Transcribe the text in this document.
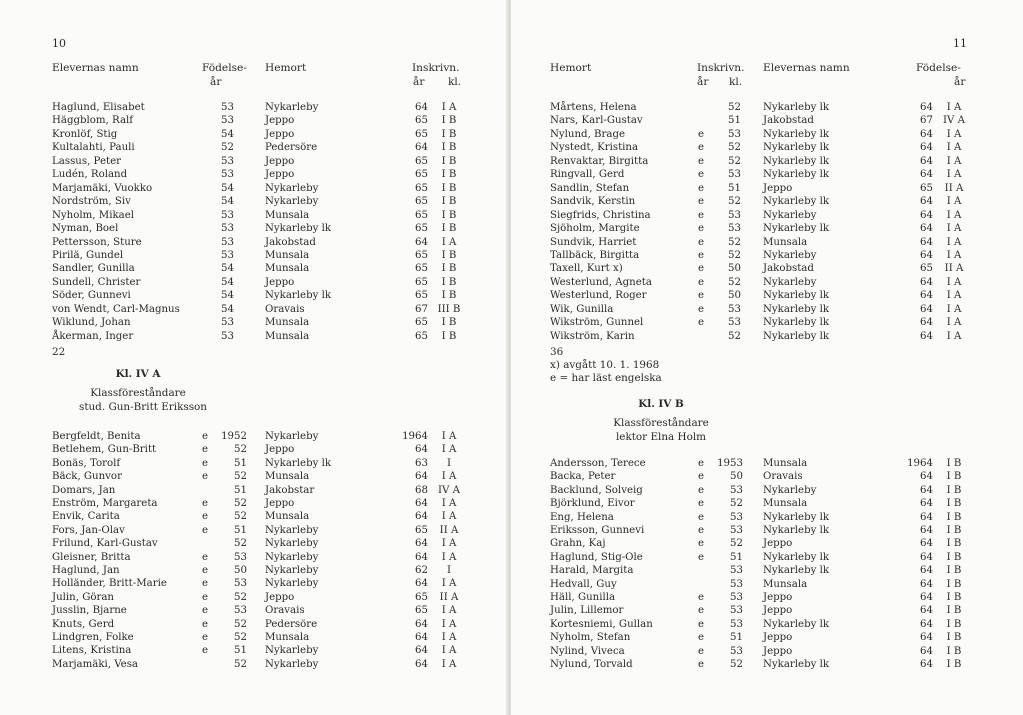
10
Elevernas namn	Födelse- Hemort	Inskrivn.
år	år kl.
Haglund, Elisabet	53	Nykarleby	64	I A
Häggblom, Ralf	53	Jeppo	65	I B
Kronlöf, Stig	54	Jeppo	65	I B
Kultalahti, Pauli	52	Pedersöre	64	I B
Lassus, Peter	53	Jeppo	65	I B
Ludén, Roland	53	Jeppo	65	I B
Marjamäki, Vuokko	54	Nykarleby	65	I B
Nordström, Siv	54	Nykarleby	65	I B
Nyholm, Mikael	53	Munsala	65	I B
Nyman, Boel	53	Nykarleby lk	65	I B
Pettersson, Sture	53	Jakobstad	64	I A
Pirilä, Gundel	53	Munsala	65	I B
Sandler, Gunilla	54	Munsala	65	I B
Sundell, Christer	54	Jeppo	65	I B
Söder, Gunnevi	54	Nykarleby lk	65	I B
von Wendt, Carl-Magnus	54	Oravais	67 III B
Wiklund, Johan	53	Munsala	65	I B
Åkerman, Inger	53	Munsala	65	I B
22
Kl. IV A
Klassföreståndare
stud. Gun-Britt Eriksson
Bergfeldt, Benita	e 1952 Nykarleby	1964	I A
Betlehem, Gun-Britt	e	52 Jeppo	64	I A
Bonäs, Torolf	e	51 Nykarleby lk	63	I
Bäck, Gunvor	e	52 Munsala	64	I A
Domars, Jan	51 Jakobstar	68 IV A
Enström, Margareta	e	52 Jeppo	64	I A
Envik, Carita	e	52 Munsala	64	I A
Fors, Jan-Olav	e	51 Nykarleby	65	II A
Frilund, Karl-Gustav	52 Nykarleby	64	I A
Gleisner, Britta	e	53 Nykarleby	64	I A
Haglund, Jan	e	50 Nykarleby	62	I
Holländer, Britt-Marie	e	53 Nykarleby	64	I A
Julin, Göran	e	52 Jeppo	65	II A
Jusslin, Bjarne	e	53 Oravais	65	I A
Knuts, Gerd	e	52 Pedersöre	64	I A
Lindgren, Folke	e	52 Munsala	64	I A
Litens, Kristina	e	51 Nykarleby	64	I A
Marjamäki, Vesa	52 Nykarleby	64	I A
11
Hemort	Inskrivn. Elevernas namn	Födelse-
år kl.	år
Mårtens, Helena	52 Nykarleby lk	64	I A
Nars, Karl-Gustav	51 Jakobstad	67 IV A
Nylund, Brage	e 53 Nykarleby lk	64	I A
Nystedt, Kristina	e 52 Nykarleby lk	64	I A
Renvaktar, Birgitta	e 52 Nykarleby lk	64	I A
Ringvall, Gerd	e 53 Nykarleby lk	64	I A
Sandlin, Stefan	e 51 Jeppo	65	II A
Sandvik, Kerstin	e 52 Nykarleby lk	64	I A
Siegfrids, Christina	e 53 Nykarleby	64	I A
Sjöholm, Margite	e 53 Nykarleby lk	64	I A
Sundvik, Harriet	e 52 Munsala	64	I A
Tallbäck, Birgitta	e 52 Nykarleby	64	I A
Taxell, Kurt x)	e 50 Jakobstad	65	II A
Westerlund, Agneta	e 52 Nykarleby	64	I A
Westerlund, Roger	e 50 Nykarleby lk	64	I A
Wik, Gunilla	e 53 Nykarleby lk	64	I A
Wikström, Gunnel	e 53 Nykarleby lk	64	I A
Wikström, Karin	52 Nykarleby lk	64	I A
36
x) avgått 10. 1. 1968
e = har läst engelska
Kl. IV B
Klassföreståndare
lektor Elna Holm
Andersson, Terece	e 1953 Munsala	1964	I B
Backa, Peter	e	50 Oravais	64	I B
Backlund, Solveig	e	53 Nykarleby	64	I B
Björklund, Eivor	e	52 Munsala	64	I B
Eng, Helena	e	53 Nykarleby lk	64	I B
Eriksson, Gunnevi	e	53 Nykarleby lk	64	I B
Grahn, Kaj	e	52 Jeppo	64	I B
Haglund, Stig-Ole	e	51 Nykarleby lk	64	I B
Harald, Margita	53 Nykarleby lk	64	I B
Hedvall, Guy	53 Munsala	64	I B
Häll, Gunilla	e	53 Jeppo	64	I B
Julin, Lillemor	e	53 Jeppo	64	I B
Kortesniemi, Gullan	e	53 Nykarleby lk	64	I B
Nyholm, Stefan	e	51 Jeppo	64	I B
Nylind, Viveca	e	53 Jeppo	64	I B
Nylund, Torvald	e	52 Nykarleby lk	64	I B
